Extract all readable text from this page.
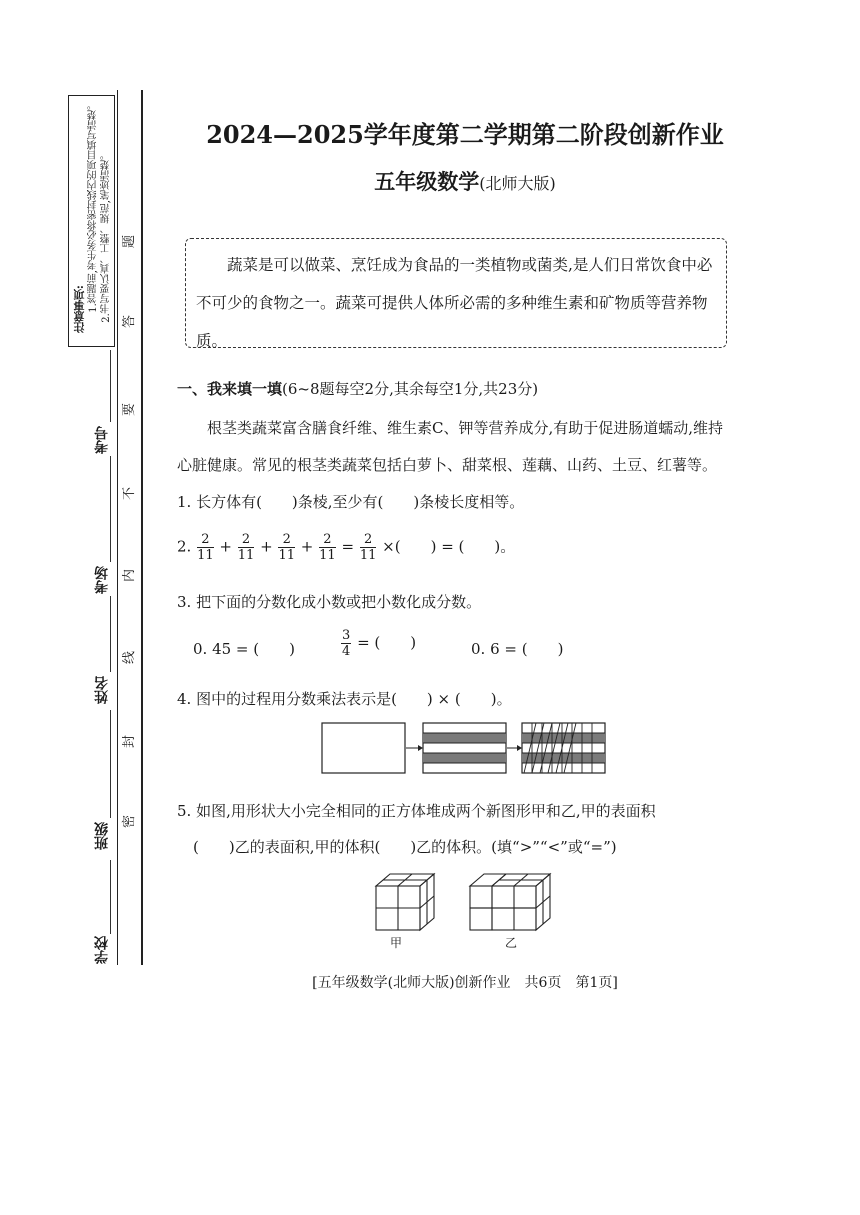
注意事项: 1.答题前,考生务必将密封线内的项目填写清楚。 2.书写要认真、工整、规范,笔迹清楚。
考号
考场
姓名
班级
学校
题
答
要
不
内
线
封
密
2024—2025学年度第二学期第二阶段创新作业
五年级数学(北师大版)
蔬菜是可以做菜、烹饪成为食品的一类植物或菌类,是人们日常饮食中必不可少的食物之一。蔬菜可提供人体所必需的多种维生素和矿物质等营养物质。
一、我来填一填(6~8题每空2分,其余每空1分,共23分)
根茎类蔬菜富含膳食纤维、维生素C、钾等营养成分,有助于促进肠道蠕动,维持心脏健康。常见的根茎类蔬菜包括白萝卜、甜菜根、莲藕、山药、土豆、红薯等。
1. 长方体有(　　)条棱,至少有(　　)条棱长度相等。
2. $\frac{2}{11} + \frac{2}{11} + \frac{2}{11} + \frac{2}{11} = \frac{2}{11}$ ×(　　) = (　　)。
3. 把下面的分数化成小数或把小数化成分数。
0. 45 = (　　)	$\frac{3}{4}$ = (　　)	0. 6 = (　　)
4. 图中的过程用分数乘法表示是(　　) × (　　)。
5. 如图,用形状大小完全相同的正方体堆成两个新图形甲和乙,甲的表面积
(　　)乙的表面积,甲的体积(　　)乙的体积。(填“>”“<”或“=”)
甲	乙
[五年级数学(北师大版)创新作业　共6页　第1页]
